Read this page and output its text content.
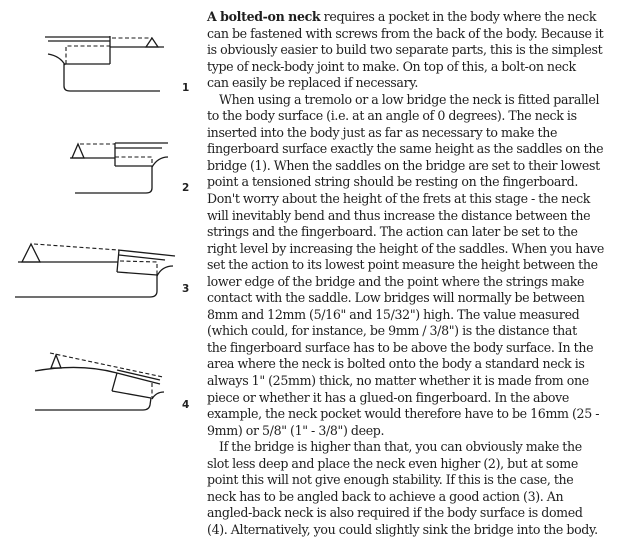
1
2
3
4

A bolted-on neck requires a pocket in the body where the neck
can be fastened with screws from the back of the body. Because it
is obviously easier to build two separate parts, this is the simplest
type of neck-body joint to make. On top of this, a bolt-on neck
can easily be replaced if necessary.

When using a tremolo or a low bridge the neck is fitted parallel
to the body surface (i.e. at an angle of 0 degrees). The neck is
inserted into the body just as far as necessary to make the
fingerboard surface exactly the same height as the saddles on the
bridge (1). When the saddles on the bridge are set to their lowest
point a tensioned string should be resting on the fingerboard.
Don't worry about the height of the frets at this stage - the neck
will inevitably bend and thus increase the distance between the
strings and the fingerboard. The action can later be set to the
right level by increasing the height of the saddles. When you have
set the action to its lowest point measure the height between the
lower edge of the bridge and the point where the strings make
contact with the saddle. Low bridges will normally be between
8mm and 12mm (5/16" and 15/32") high. The value measured
(which could, for instance, be 9mm / 3/8") is the distance that
the fingerboard surface has to be above the body surface. In the
area where the neck is bolted onto the body a standard neck is
always 1" (25mm) thick, no matter whether it is made from one
piece or whether it has a glued-on fingerboard. In the above
example, the neck pocket would therefore have to be 16mm (25 -
9mm) or 5/8" (1" - 3/8") deep.

If the bridge is higher than that, you can obviously make the
slot less deep and place the neck even higher (2), but at some
point this will not give enough stability. If this is the case, the
neck has to be angled back to achieve a good action (3). An
angled-back neck is also required if the body surface is domed
(4). Alternatively, you could slightly sink the bridge into the body.
